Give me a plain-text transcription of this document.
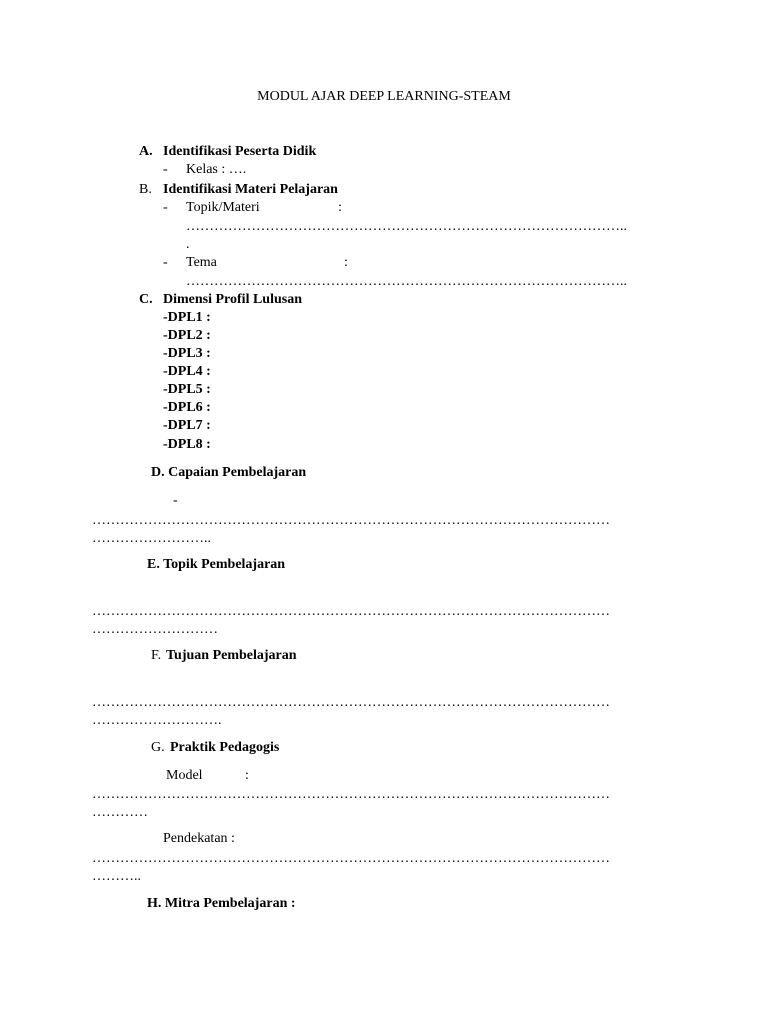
MODUL AJAR DEEP LEARNING-STEAM
A. Identifikasi Peserta Didik
- Kelas : ….
B. Identifikasi Materi Pelajaran
- Topik/Materi	:
…………………………………………………………………………………..
.
- Tema	:
…………………………………………………………………………………..
C. Dimensi Profil Lulusan
-DPL1 :
-DPL2 :
-DPL3 :
-DPL4 :
-DPL5 :
-DPL6 :
-DPL7 :
-DPL8 :
D. Capaian Pembelajaran
-
…………………………………………………………………………………………………
……………………..
E. Topik Pembelajaran
…………………………………………………………………………………………………
………………………
F. Tujuan Pembelajaran
…………………………………………………………………………………………………
……………………….
G. Praktik Pedagogis
Model	:
…………………………………………………………………………………………………
…………
Pendekatan :
…………………………………………………………………………………………………
………..
H. Mitra Pembelajaran :
